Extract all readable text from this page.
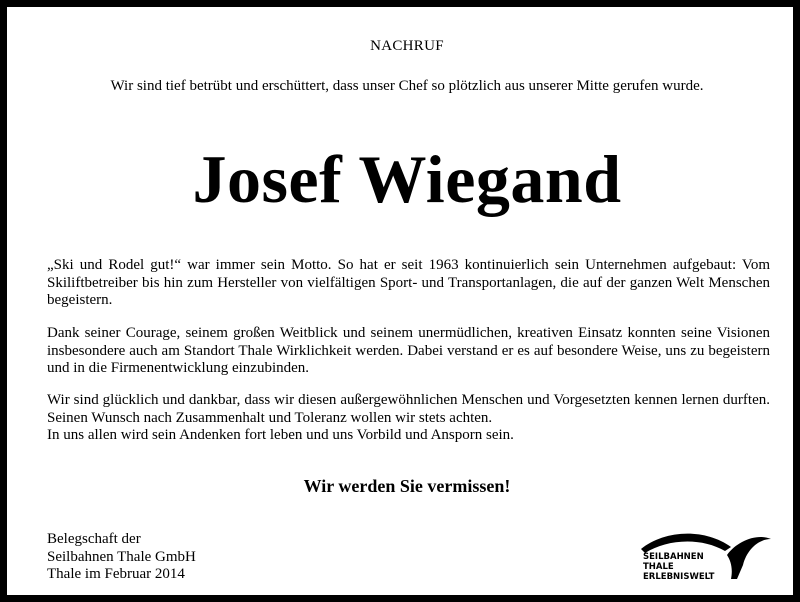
NACHRUF
Wir sind tief betrübt und erschüttert, dass unser Chef so plötzlich aus unserer Mitte gerufen wurde.
Josef Wiegand
„Ski und Rodel gut!“ war immer sein Motto. So hat er seit 1963 kontinuierlich sein Unternehmen aufgebaut: Vom Skiliftbetreiber bis hin zum Hersteller von vielfältigen Sport- und Transportanlagen, die auf der ganzen Welt Menschen begeistern.
Dank seiner Courage, seinem großen Weitblick und seinem unermüdlichen, kreativen Einsatz konnten seine Visionen insbesondere auch am Standort Thale Wirklichkeit werden. Dabei verstand er es auf besondere Weise, uns zu begeistern und in die Firmenentwicklung einzubinden.
Wir sind glücklich und dankbar, dass wir diesen außergewöhnlichen Menschen und Vorgesetzten kennen lernen durften. Seinen Wunsch nach Zusammenhalt und Toleranz wollen wir stets achten.
In uns allen wird sein Andenken fort leben und uns Vorbild und Ansporn sein.
Wir werden Sie vermissen!
Belegschaft der
Seilbahnen Thale GmbH
Thale im Februar 2014
SEILBAHNEN
THALE
ERLEBNISWELT
